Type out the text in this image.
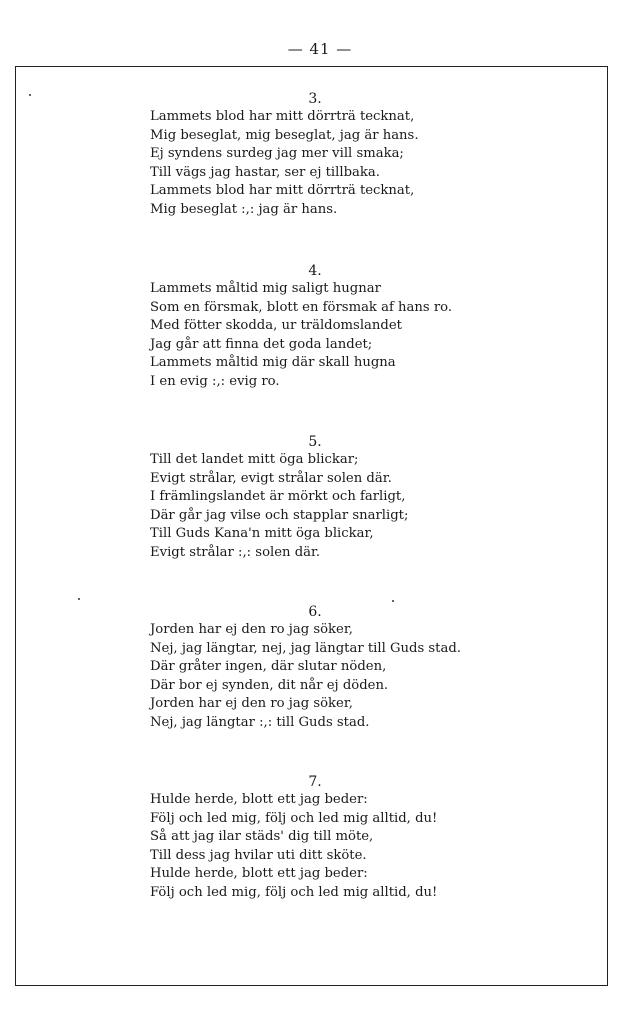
— 41 —
3.
Lammets blod har mitt dörrträ tecknat,
Mig beseglat, mig beseglat, jag är hans.
Ej syndens surdeg jag mer vill smaka;
Till vägs jag hastar, ser ej tillbaka.
Lammets blod har mitt dörrträ tecknat,
Mig beseglat :,: jag är hans.
4.
Lammets måltid mig saligt hugnar
Som en försmak, blott en försmak af hans ro.
Med fötter skodda, ur träldomslandet
Jag går att finna det goda landet;
Lammets måltid mig där skall hugna
I en evig :,: evig ro.
5.
Till det landet mitt öga blickar;
Evigt strålar, evigt strålar solen där.
I främlingslandet är mörkt och farligt,
Där går jag vilse och stapplar snarligt;
Till Guds Kana'n mitt öga blickar,
Evigt strålar :,: solen där.
6.
Jorden har ej den ro jag söker,
Nej, jag längtar, nej, jag längtar till Guds stad.
Där gråter ingen, där slutar nöden,
Där bor ej synden, dit når ej döden.
Jorden har ej den ro jag söker,
Nej, jag längtar :,: till Guds stad.
7.
Hulde herde, blott ett jag beder:
Följ och led mig, följ och led mig alltid, du!
Så att jag ilar städs' dig till möte,
Till dess jag hvilar uti ditt sköte.
Hulde herde, blott ett jag beder:
Följ och led mig, följ och led mig alltid, du!
